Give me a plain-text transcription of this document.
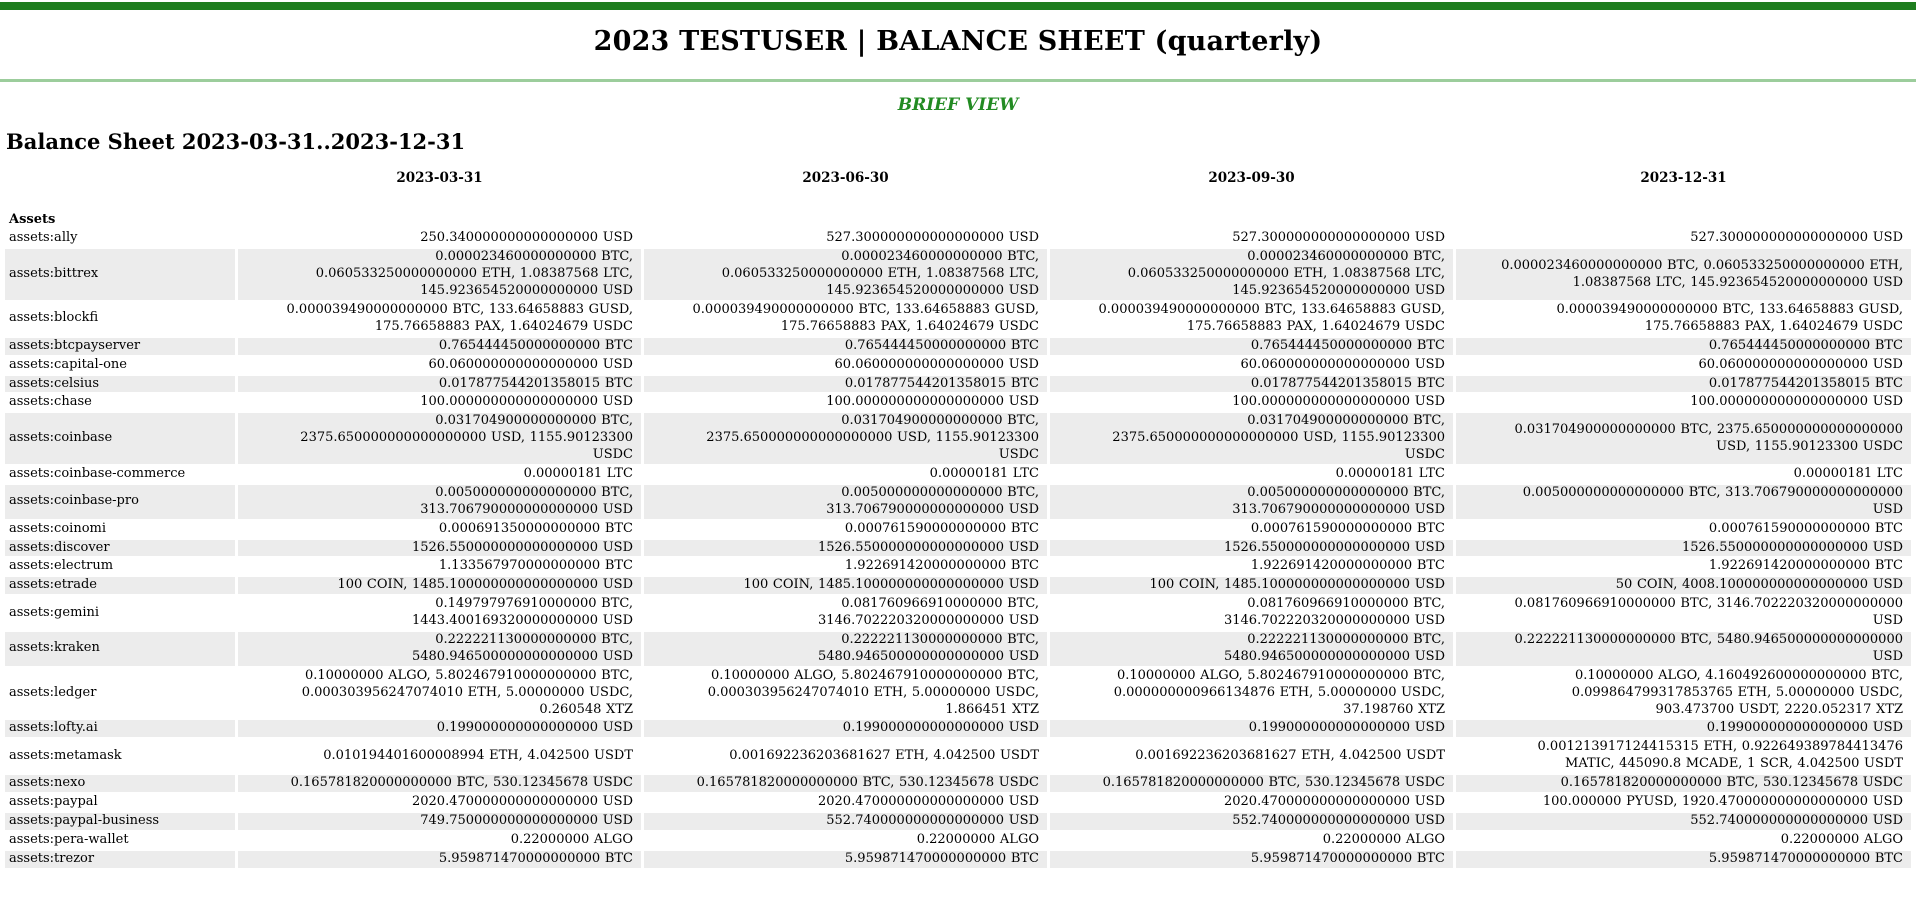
2023 TESTUSER | BALANCE SHEET (quarterly)
BRIEF VIEW
Balance Sheet 2023-03-31..2023-12-31
	2023-03-31	2023-06-30	2023-09-30	2023-12-31

Assets				
assets:ally	250.340000000000000000 USD	527.300000000000000000 USD	527.300000000000000000 USD	527.300000000000000000 USD
assets:bittrex	0.000023460000000000 BTC, 0.060533250000000000 ETH, 1.08387568 LTC, 145.923654520000000000 USD	0.000023460000000000 BTC, 0.060533250000000000 ETH, 1.08387568 LTC, 145.923654520000000000 USD	0.000023460000000000 BTC, 0.060533250000000000 ETH, 1.08387568 LTC, 145.923654520000000000 USD	0.000023460000000000 BTC, 0.060533250000000000 ETH, 1.08387568 LTC, 145.923654520000000000 USD
assets:blockfi	0.000039490000000000 BTC, 133.64658883 GUSD, 175.76658883 PAX, 1.64024679 USDC	0.000039490000000000 BTC, 133.64658883 GUSD, 175.76658883 PAX, 1.64024679 USDC	0.000039490000000000 BTC, 133.64658883 GUSD, 175.76658883 PAX, 1.64024679 USDC	0.000039490000000000 BTC, 133.64658883 GUSD, 175.76658883 PAX, 1.64024679 USDC
assets:btcpayserver	0.765444450000000000 BTC	0.765444450000000000 BTC	0.765444450000000000 BTC	0.765444450000000000 BTC
assets:capital-one	60.060000000000000000 USD	60.060000000000000000 USD	60.060000000000000000 USD	60.060000000000000000 USD
assets:celsius	0.017877544201358015 BTC	0.017877544201358015 BTC	0.017877544201358015 BTC	0.017877544201358015 BTC
assets:chase	100.000000000000000000 USD	100.000000000000000000 USD	100.000000000000000000 USD	100.000000000000000000 USD
assets:coinbase	0.031704900000000000 BTC, 2375.650000000000000000 USD, 1155.90123300 USDC	0.031704900000000000 BTC, 2375.650000000000000000 USD, 1155.90123300 USDC	0.031704900000000000 BTC, 2375.650000000000000000 USD, 1155.90123300 USDC	0.031704900000000000 BTC, 2375.650000000000000000 USD, 1155.90123300 USDC
assets:coinbase-commerce	0.00000181 LTC	0.00000181 LTC	0.00000181 LTC	0.00000181 LTC
assets:coinbase-pro	0.005000000000000000 BTC, 313.706790000000000000 USD	0.005000000000000000 BTC, 313.706790000000000000 USD	0.005000000000000000 BTC, 313.706790000000000000 USD	0.005000000000000000 BTC, 313.706790000000000000 USD
assets:coinomi	0.000691350000000000 BTC	0.000761590000000000 BTC	0.000761590000000000 BTC	0.000761590000000000 BTC
assets:discover	1526.550000000000000000 USD	1526.550000000000000000 USD	1526.550000000000000000 USD	1526.550000000000000000 USD
assets:electrum	1.133567970000000000 BTC	1.922691420000000000 BTC	1.922691420000000000 BTC	1.922691420000000000 BTC
assets:etrade	100 COIN, 1485.100000000000000000 USD	100 COIN, 1485.100000000000000000 USD	100 COIN, 1485.100000000000000000 USD	50 COIN, 4008.100000000000000000 USD
assets:gemini	0.149797976910000000 BTC, 1443.400169320000000000 USD	0.081760966910000000 BTC, 3146.702220320000000000 USD	0.081760966910000000 BTC, 3146.702220320000000000 USD	0.081760966910000000 BTC, 3146.702220320000000000 USD
assets:kraken	0.222221130000000000 BTC, 5480.946500000000000000 USD	0.222221130000000000 BTC, 5480.946500000000000000 USD	0.222221130000000000 BTC, 5480.946500000000000000 USD	0.222221130000000000 BTC, 5480.946500000000000000 USD
assets:ledger	0.10000000 ALGO, 5.802467910000000000 BTC, 0.000303956247074010 ETH, 5.00000000 USDC, 0.260548 XTZ	0.10000000 ALGO, 5.802467910000000000 BTC, 0.000303956247074010 ETH, 5.00000000 USDC, 1.866451 XTZ	0.10000000 ALGO, 5.802467910000000000 BTC, 0.000000000966134876 ETH, 5.00000000 USDC, 37.198760 XTZ	0.10000000 ALGO, 4.160492600000000000 BTC, 0.099864799317853765 ETH, 5.00000000 USDC, 903.473700 USDT, 2220.052317 XTZ
assets:lofty.ai	0.199000000000000000 USD	0.199000000000000000 USD	0.199000000000000000 USD	0.199000000000000000 USD
assets:metamask	0.010194401600008994 ETH, 4.042500 USDT	0.001692236203681627 ETH, 4.042500 USDT	0.001692236203681627 ETH, 4.042500 USDT	0.001213917124415315 ETH, 0.922649389784413476 MATIC, 445090.8 MCADE, 1 SCR, 4.042500 USDT
assets:nexo	0.165781820000000000 BTC, 530.12345678 USDC	0.165781820000000000 BTC, 530.12345678 USDC	0.165781820000000000 BTC, 530.12345678 USDC	0.165781820000000000 BTC, 530.12345678 USDC
assets:paypal	2020.470000000000000000 USD	2020.470000000000000000 USD	2020.470000000000000000 USD	100.000000 PYUSD, 1920.470000000000000000 USD
assets:paypal-business	749.750000000000000000 USD	552.740000000000000000 USD	552.740000000000000000 USD	552.740000000000000000 USD
assets:pera-wallet	0.22000000 ALGO	0.22000000 ALGO	0.22000000 ALGO	0.22000000 ALGO
assets:trezor	5.959871470000000000 BTC	5.959871470000000000 BTC	5.959871470000000000 BTC	5.959871470000000000 BTC
